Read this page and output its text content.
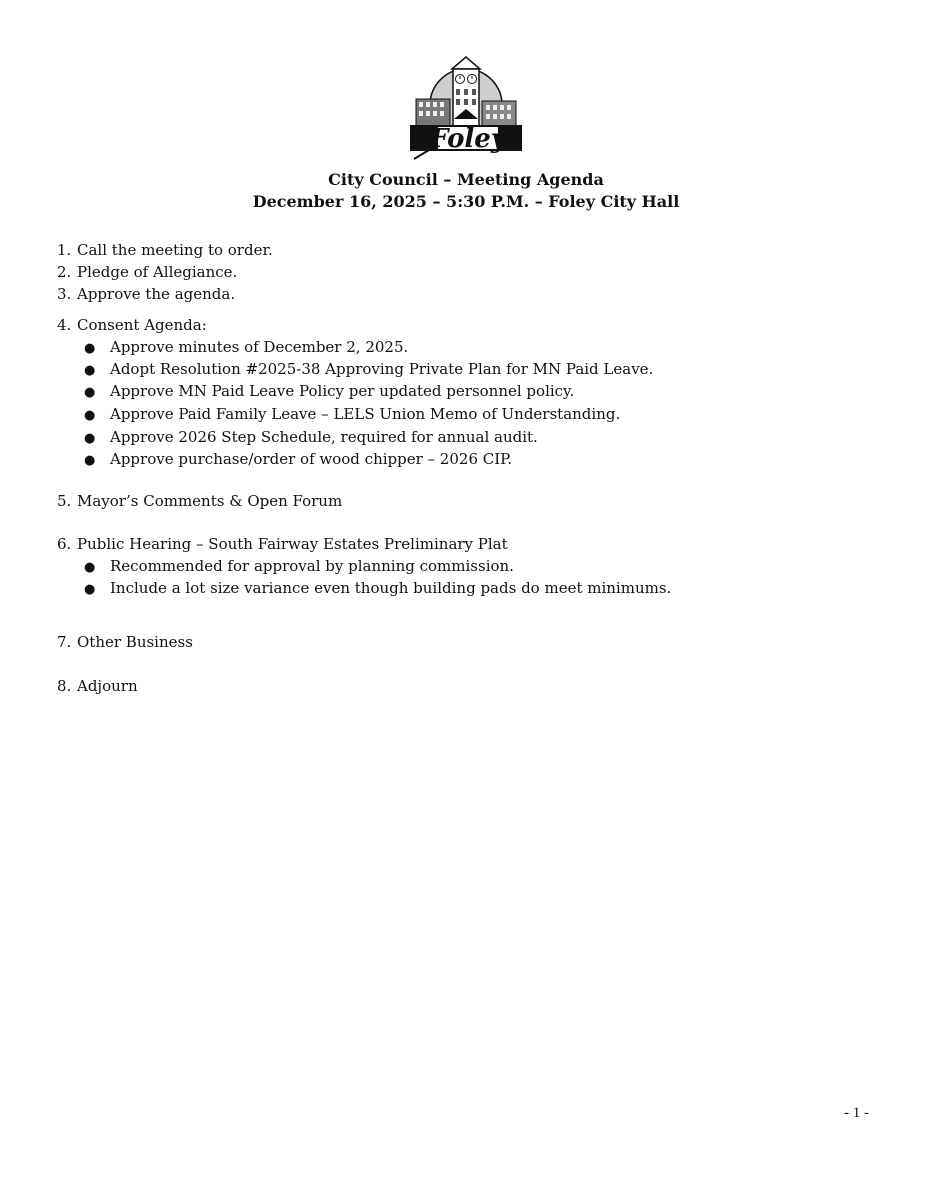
Foley
City Council – Meeting Agenda
December 16, 2025 – 5:30 P.M. – Foley City Hall
1. Call the meeting to order.
2. Pledge of Allegiance.
3. Approve the agenda.
4. Consent Agenda:
● Approve minutes of December 2, 2025.
● Adopt Resolution #2025-38 Approving Private Plan for MN Paid Leave.
● Approve MN Paid Leave Policy per updated personnel policy.
● Approve Paid Family Leave – LELS Union Memo of Understanding.
● Approve 2026 Step Schedule, required for annual audit.
● Approve purchase/order of wood chipper – 2026 CIP.
5. Mayor’s Comments & Open Forum
6. Public Hearing – South Fairway Estates Preliminary Plat
● Recommended for approval by planning commission.
● Include a lot size variance even though building pads do meet minimums.
7. Other Business
8. Adjourn
- 1 -
